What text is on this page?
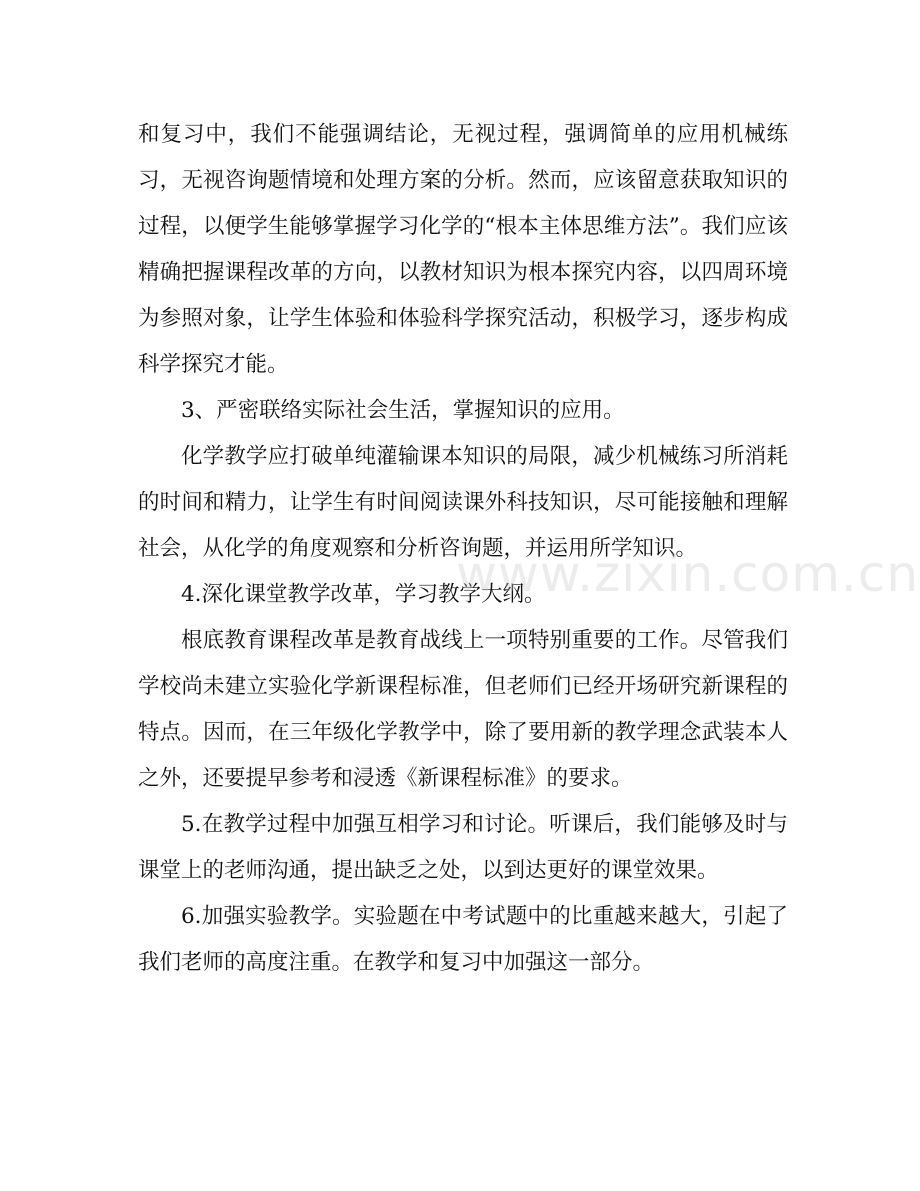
和复习中，我们不能强调结论，无视过程，强调简单的应用机械练习，无视咨询题情境和处理方案的分析。然而，应该留意获取知识的过程，以便学生能够掌握学习化学的“根本主体思维方法”。我们应该精确把握课程改革的方向，以教材知识为根本探究内容，以四周环境为参照对象，让学生体验和体验科学探究活动，积极学习，逐步构成科学探究才能。

3、严密联络实际社会生活，掌握知识的应用。

化学教学应打破单纯灌输课本知识的局限，减少机械练习所消耗的时间和精力，让学生有时间阅读课外科技知识，尽可能接触和理解社会，从化学的角度观察和分析咨询题，并运用所学知识。

4.深化课堂教学改革，学习教学大纲。

根底教育课程改革是教育战线上一项特别重要的工作。尽管我们学校尚未建立实验化学新课程标准，但老师们已经开场研究新课程的特点。因而，在三年级化学教学中，除了要用新的教学理念武装本人之外，还要提早参考和浸透《新课程标准》的要求。

5.在教学过程中加强互相学习和讨论。听课后，我们能够及时与课堂上的老师沟通，提出缺乏之处，以到达更好的课堂效果。

6.加强实验教学。实验题在中考试题中的比重越来越大，引起了我们老师的高度注重。在教学和复习中加强这一部分。

www.zixin.com.cn
